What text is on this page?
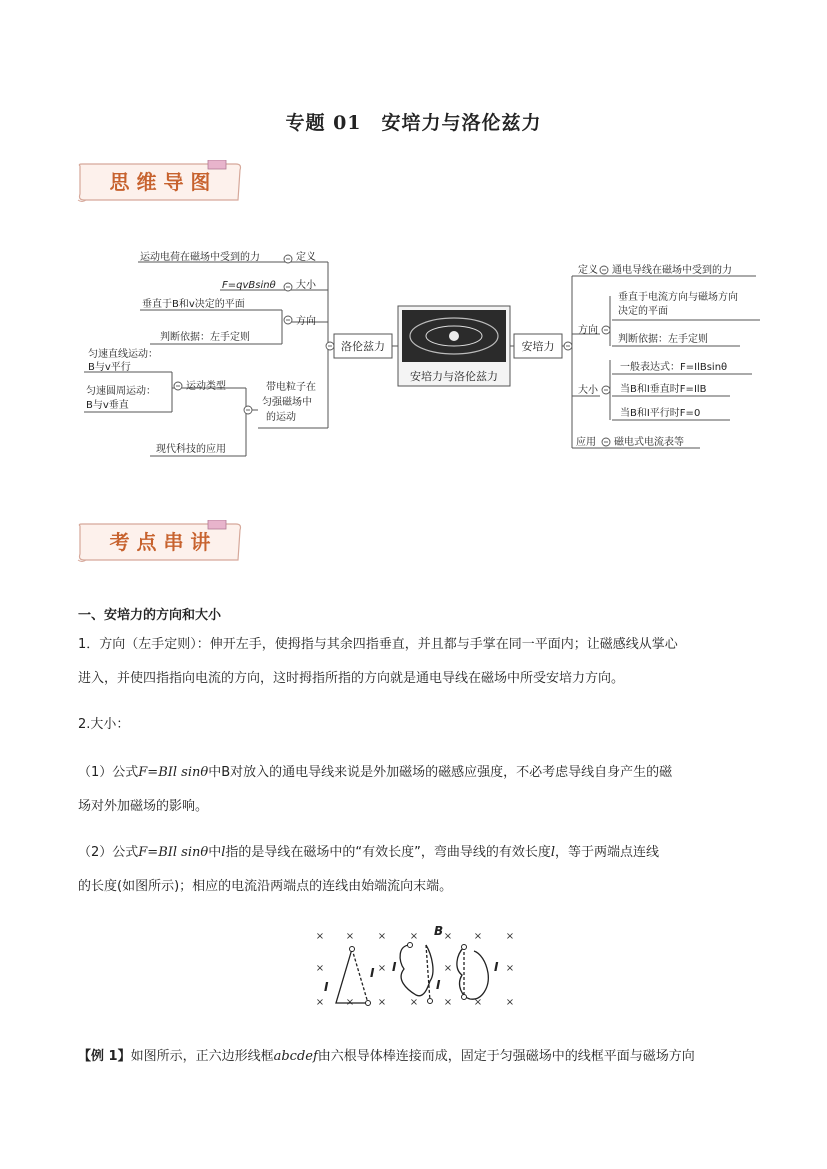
专题 01　安培力与洛伦兹力
思 维 导 图
安培力与洛伦兹力
洛伦兹力	安培力
运动电荷在磁场中受到的力	定义
F=qvBsinθ 大小
垂直于B和v决定的平面
方向
判断依据：左手定则
带电粒子在
匀强磁场中
的运动
运动类型
匀速直线运动：
B与v平行
匀速圆周运动：
B与v垂直
现代科技的应用
定义 通电导线在磁场中受到的力
方向
垂直于电流方向与磁场方向
决定的平面
判断依据：左手定则
大小
一般表达式：F=IlBsinθ
当B和I垂直时F=IlB
当B和I平行时F=0
应用 磁电式电流表等
考 点 串 讲
一、安培力的方向和大小
1．方向（左手定则）：伸开左手，使拇指与其余四指垂直，并且都与手掌在同一平面内；让磁感线从掌心
进入，并使四指指向电流的方向，这时拇指所指的方向就是通电导线在磁场中所受安培力方向。
2.大小：
（1）公式F=BIl sinθ中B对放入的通电导线来说是外加磁场的磁感应强度，不必考虑导线自身产生的磁
场对外加磁场的影响。
（2）公式F=BIl sinθ中l指的是导线在磁场中的“有效长度”，弯曲导线的有效长度l，等于两端点连线
的长度(如图所示)；相应的电流沿两端点的连线由始端流向末端。
× × × ×	× × ×
×	×	×	×
× × × ×	× × ×
I
I I
B
I
I
【例 1】如图所示，正六边形线框abcdef由六根导体棒连接而成，固定于匀强磁场中的线框平面与磁场方向
